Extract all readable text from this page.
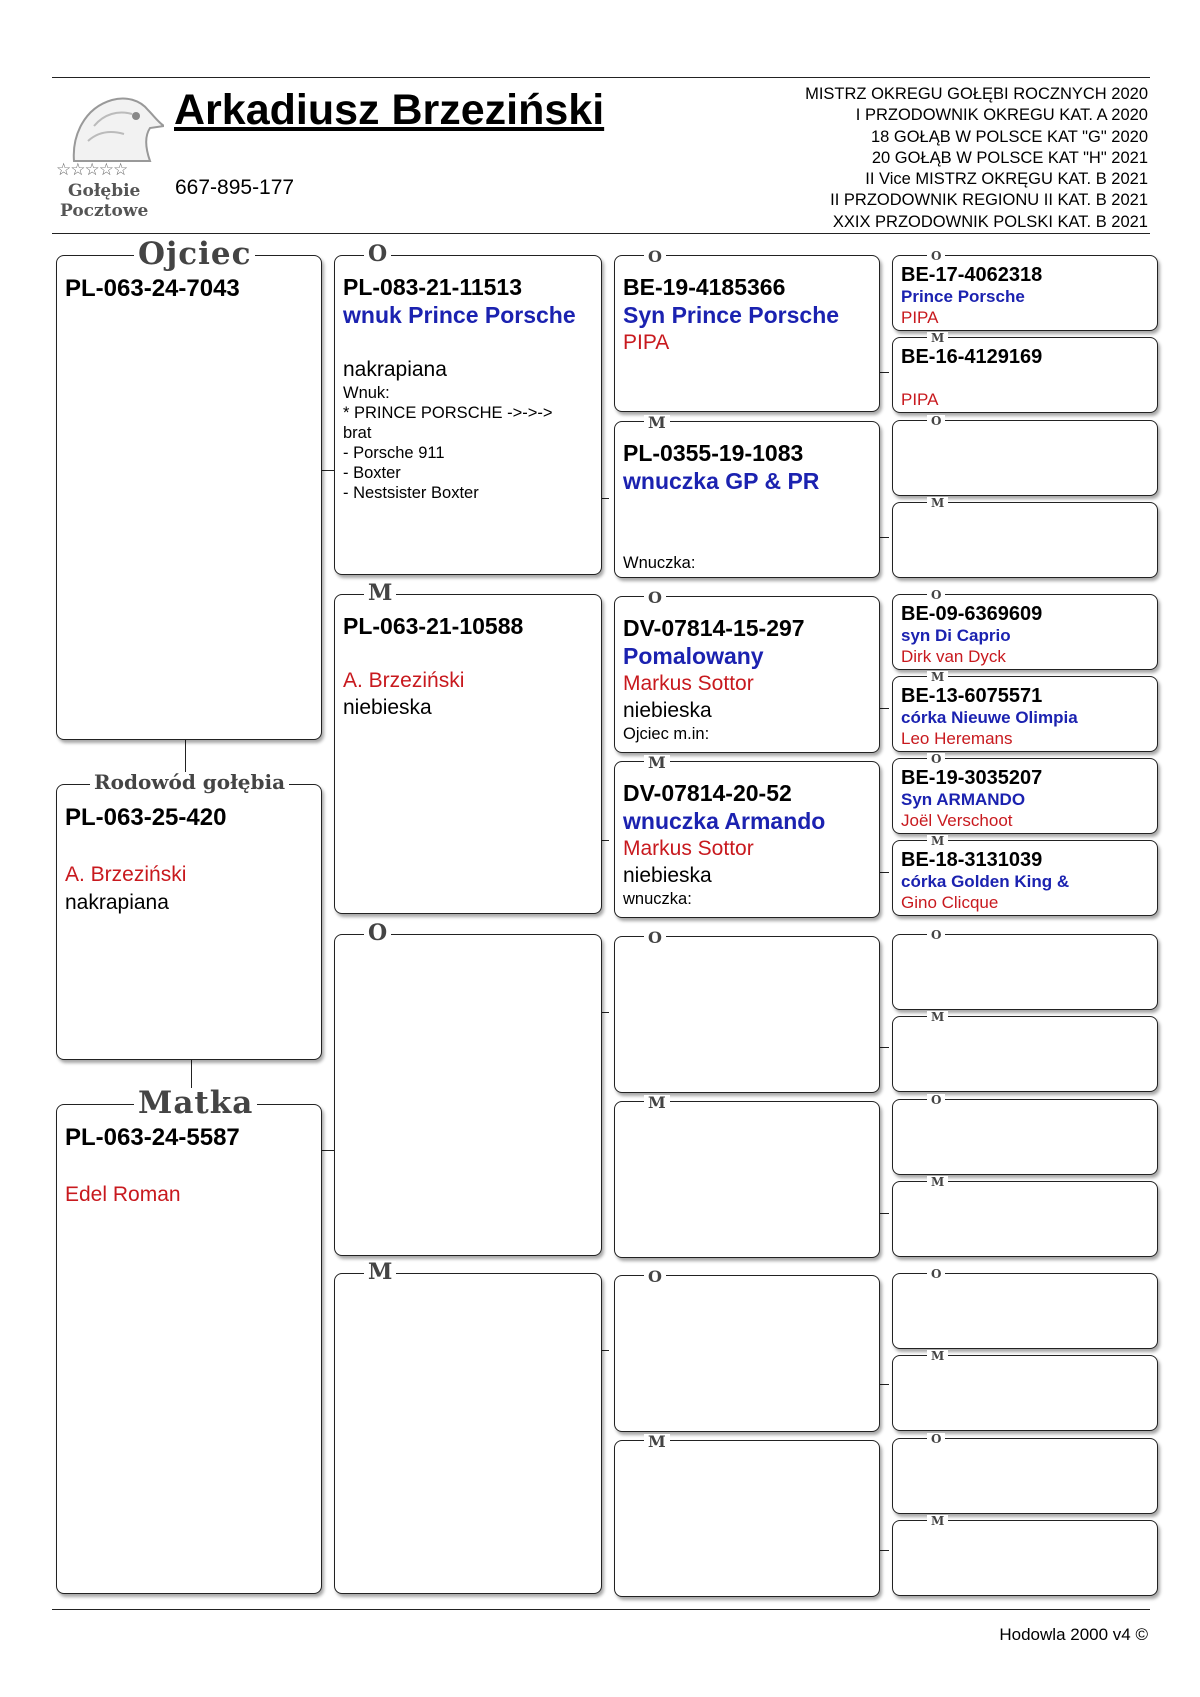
☆☆☆☆☆
Gołębie
Pocztowe
Arkadiusz Brzeziński
667-895-177
MISTRZ OKREGU GOŁĘBI ROCZNYCH 2020
I PRZODOWNIK OKREGU KAT. A 2020
18 GOŁĄB W POLSCE KAT "G" 2020
20 GOŁĄB W POLSCE KAT "H" 2021
II Vice MISTRZ OKRĘGU KAT. B 2021
II PRZODOWNIK REGIONU II KAT. B 2021
XXIX PRZODOWNIK POLSKI KAT. B 2021
PL-063-24-7043
Ojciec
PL-063-25-420

A. Brzeziński
nakrapiana
Rodowód gołębia
PL-063-24-5587

Edel Roman
Matka
PL-083-21-11513
wnuk Prince Porsche

nakrapiana
Wnuk:
* PRINCE PORSCHE ->->->
brat
- Porsche 911
- Boxter
- Nestsister Boxter
O
PL-063-21-10588

A. Brzeziński
niebieska
M
O
M
BE-19-4185366
Syn Prince Porsche
PIPA
O
PL-0355-19-1083
wnuczka GP & PR
Wnuczka:
M
DV-07814-15-297
Pomalowany
Markus Sottor
niebieska
Ojciec m.in:
O
DV-07814-20-52
wnuczka Armando
Markus Sottor
niebieska
wnuczka:
M
O
M
O
M
BE-17-4062318
Prince Porsche
PIPA
O
BE-16-4129169

PIPA
M
O
M
BE-09-6369609
syn Di Caprio
Dirk van Dyck
O
BE-13-6075571
córka Nieuwe Olimpia
Leo Heremans
M
BE-19-3035207
Syn ARMANDO
Joël Verschoot
O
BE-18-3131039
córka Golden King &
Gino Clicque
M
O
M
O
M
O
M
O
M
Hodowla 2000 v4 ©
